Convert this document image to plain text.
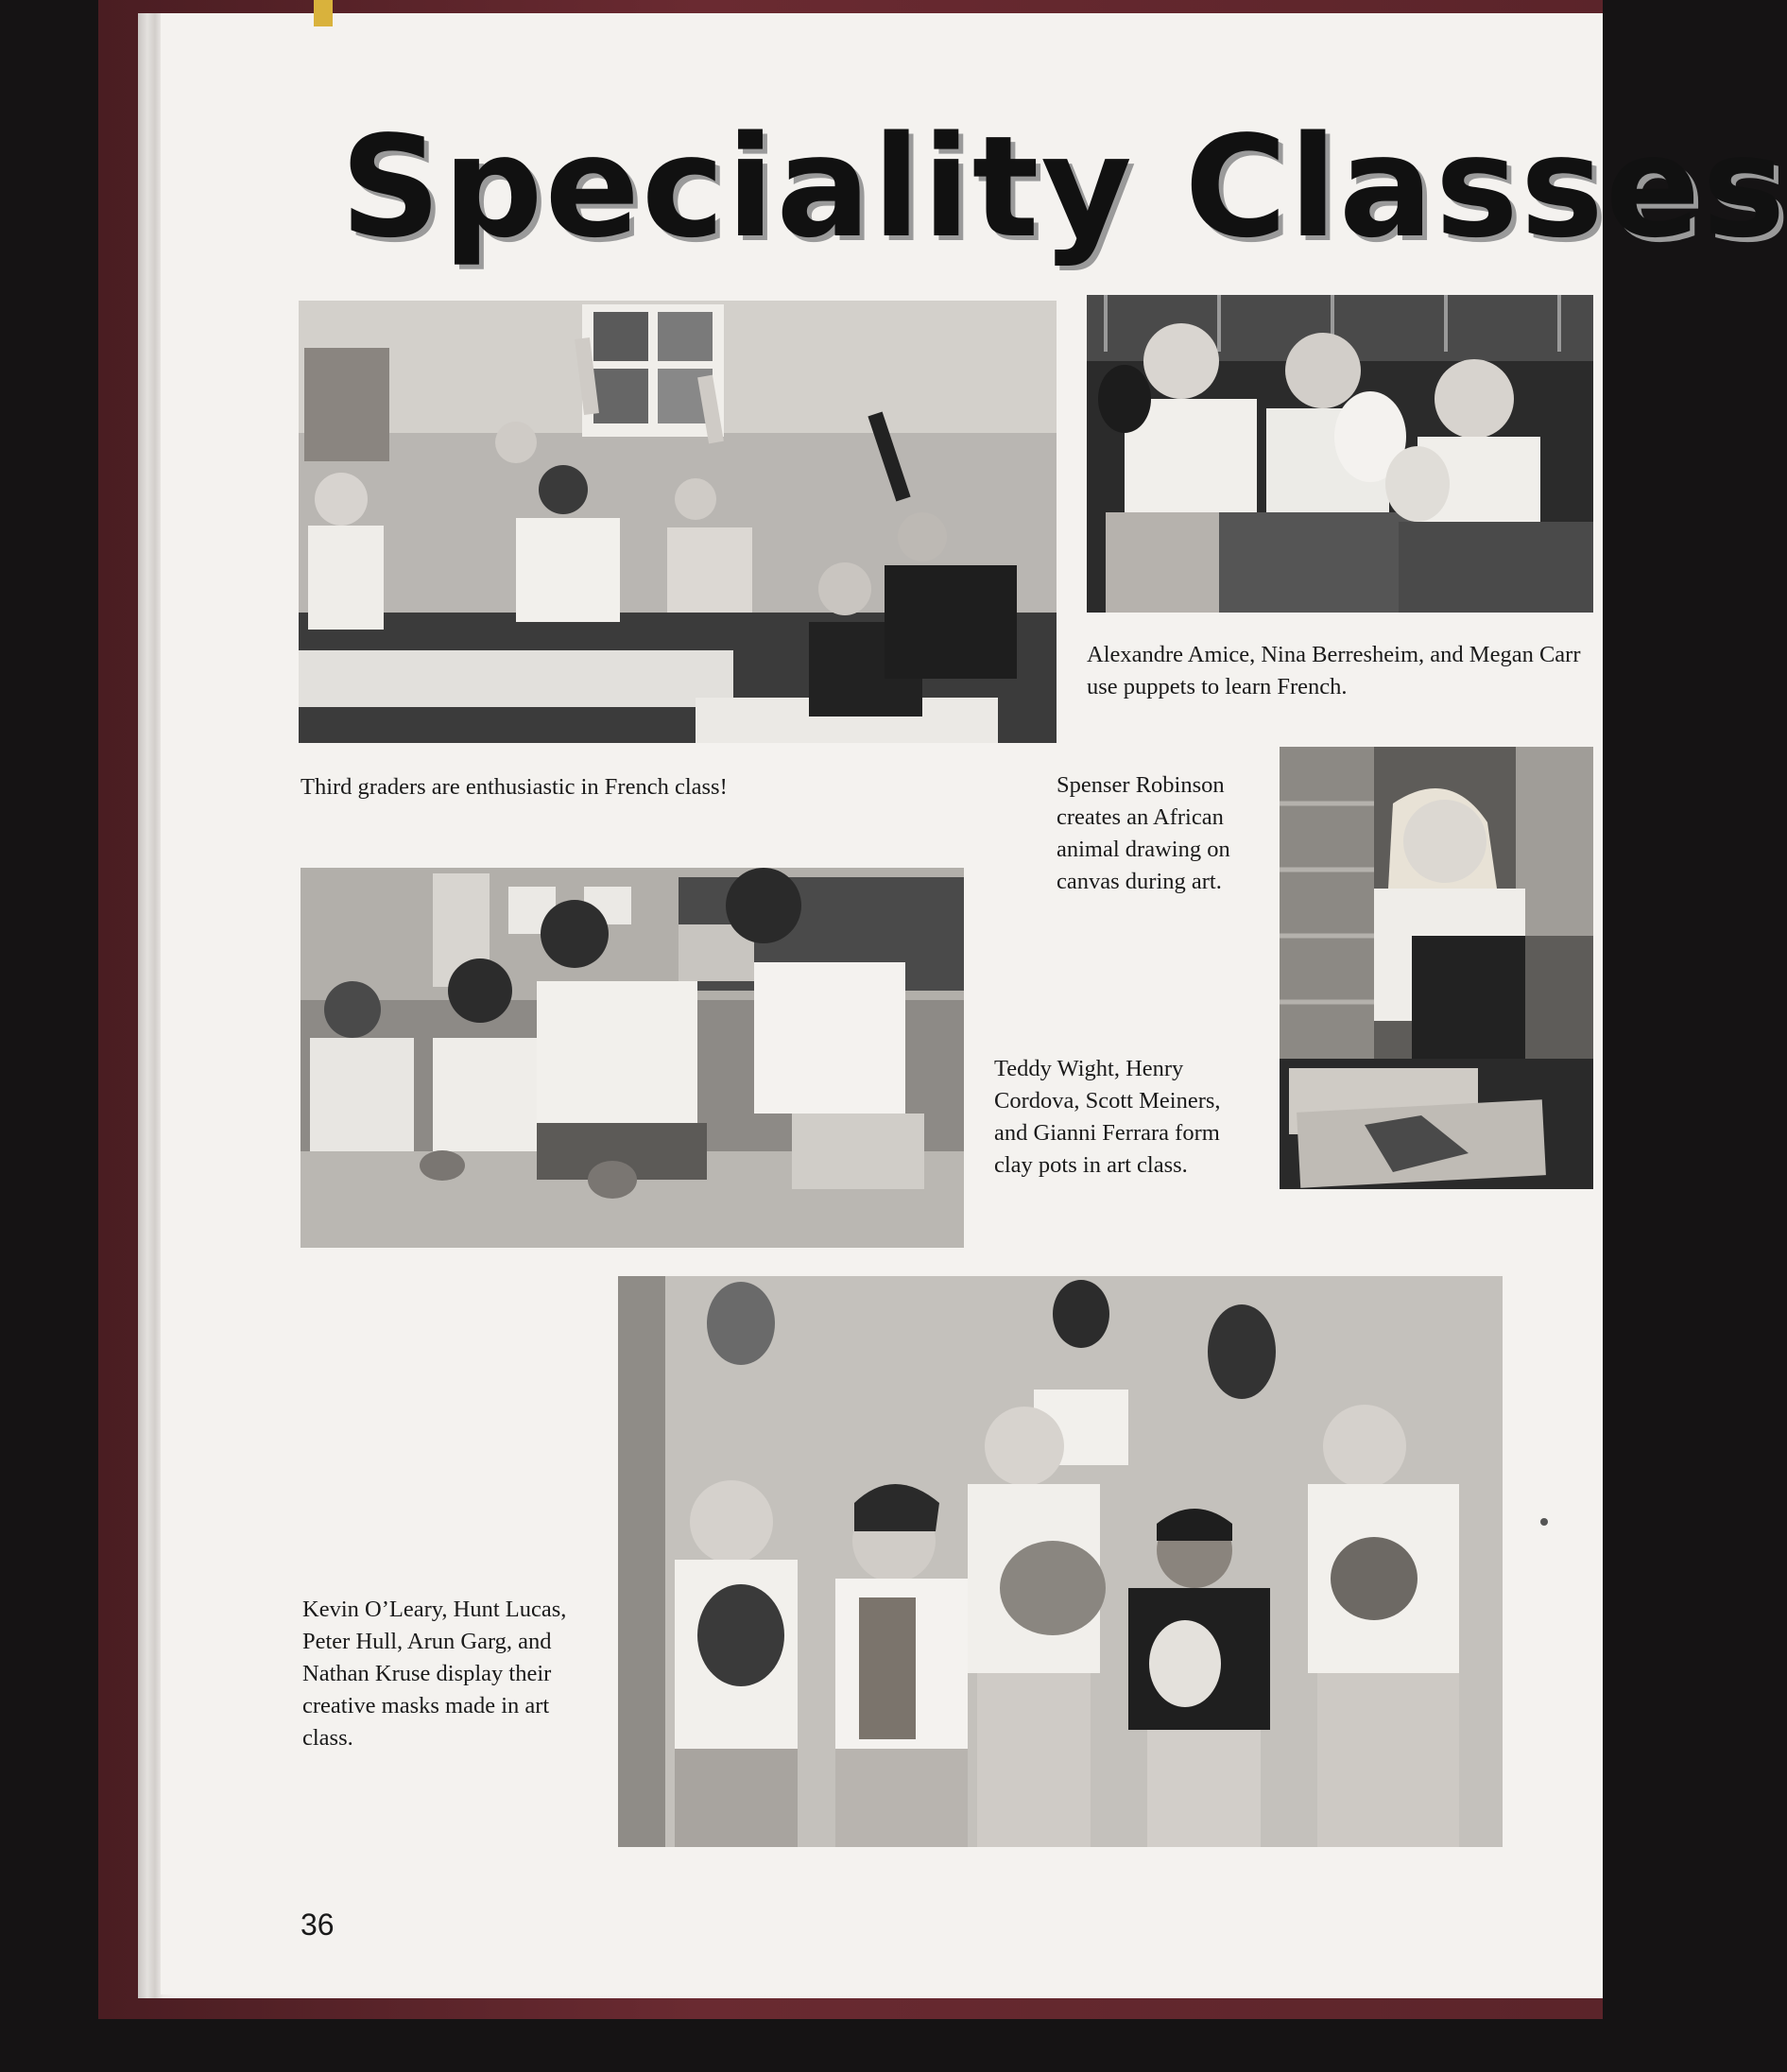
Speciality Classes
Third graders are enthusiastic in French class!
Alexandre Amice, Nina Berresheim, and Megan Carr use puppets to learn French.
Spenser Robinson creates an African animal drawing on canvas during art.
Teddy Wight, Henry Cordova, Scott Meiners, and Gianni Ferrara form clay pots in art class.
Kevin O’Leary, Hunt Lucas, Peter Hull, Arun Garg, and Nathan Kruse display their creative masks made in art class.
36
